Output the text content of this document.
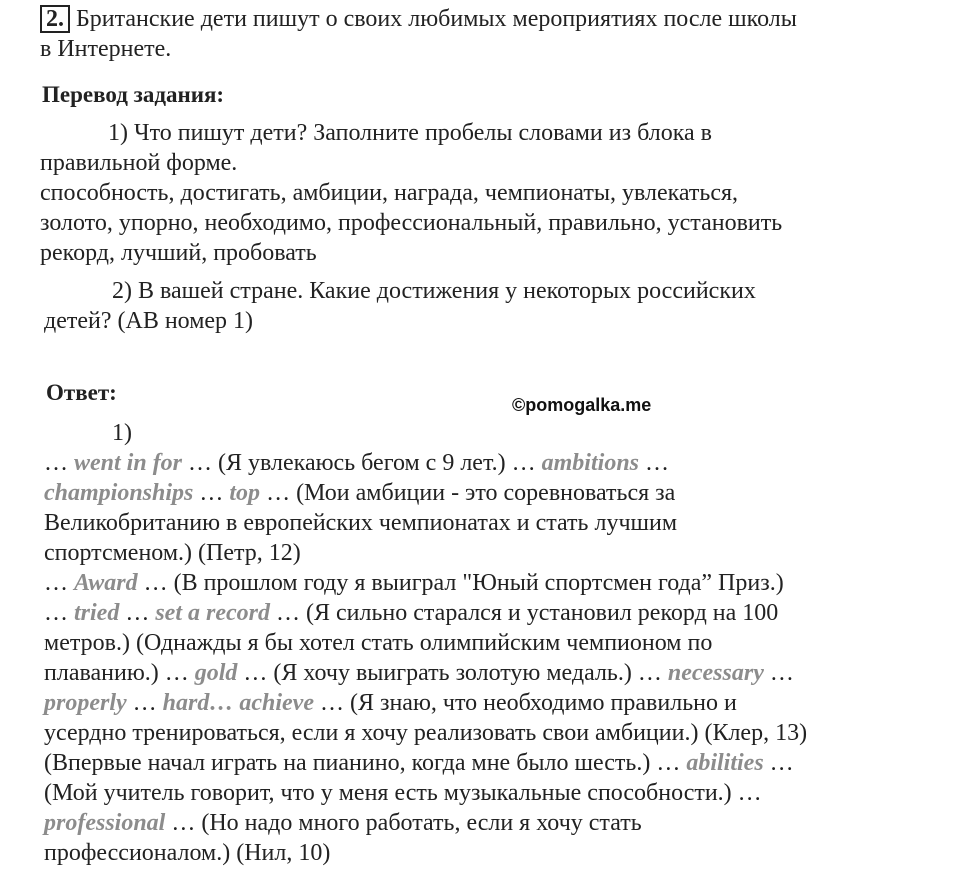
2. Британские дети пишут о своих любимых мероприятиях после школы
в Интернете.
Перевод задания:
1) Что пишут дети? Заполните пробелы словами из блока в
правильной форме.
способность, достигать, амбиции, награда, чемпионаты, увлекаться,
золото, упорно, необходимо, профессиональный, правильно, установить
рекорд, лучший, пробовать
2) В вашей стране. Какие достижения у некоторых российских
детей? (АВ номер 1)
Ответ:	©pomogalka.me
1)
… went in for … (Я увлекаюсь бегом с 9 лет.) … ambitions …
championships … top … (Мои амбиции - это соревноваться за
Великобританию в европейских чемпионатах и стать лучшим
спортсменом.) (Петр, 12)
… Award … (В прошлом году я выиграл "Юный спортсмен года” Приз.)
… tried … set a record … (Я сильно старался и установил рекорд на 100
метров.) (Однажды я бы хотел стать олимпийским чемпионом по
плаванию.) … gold … (Я хочу выиграть золотую медаль.) … necessary …
properly … hard… achieve … (Я знаю, что необходимо правильно и
усердно тренироваться, если я хочу реализовать свои амбиции.) (Клер, 13)
(Впервые начал играть на пианино, когда мне было шесть.) … abilities …
(Мой учитель говорит, что у меня есть музыкальные способности.) …
professional … (Но надо много работать, если я хочу стать
профессионалом.) (Нил, 10)
